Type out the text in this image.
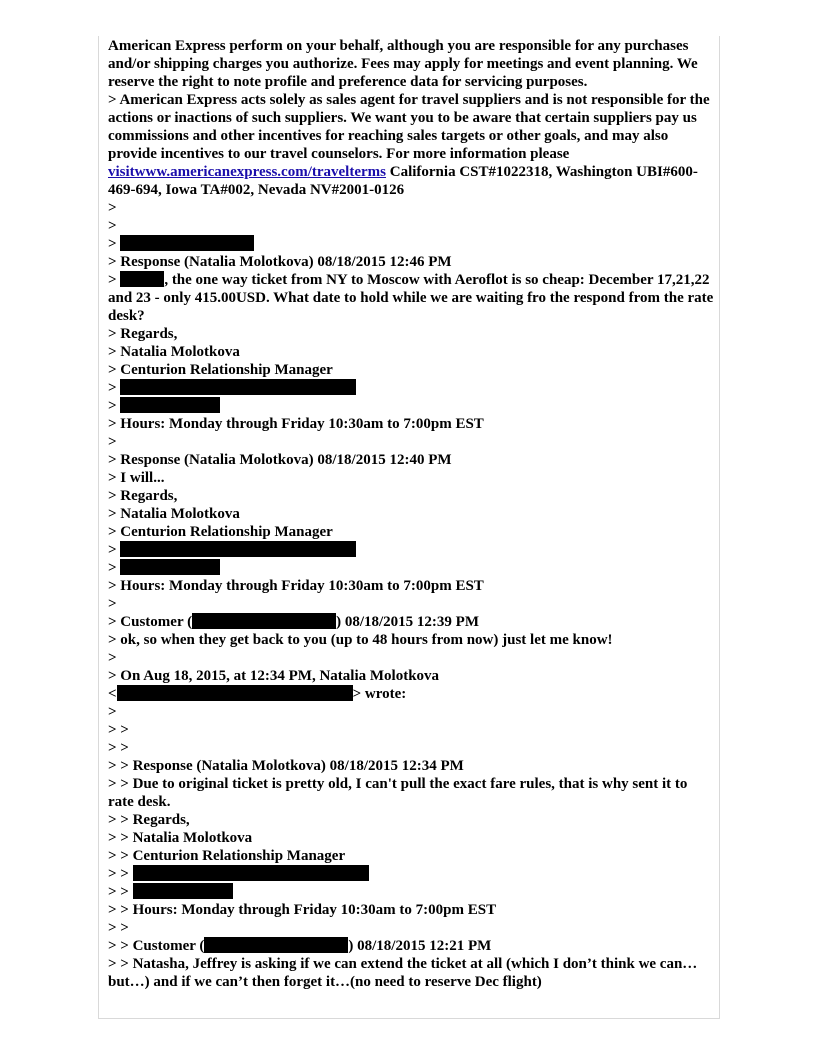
American Express perform on your behalf, although you are responsible for any purchases and/or shipping charges you authorize. Fees may apply for meetings and event planning. We reserve the right to note profile and preference data for servicing purposes.

> American Express acts solely as sales agent for travel suppliers and is not responsible for the actions or inactions of such suppliers. We want you to be aware that certain suppliers pay us commissions and other incentives for reaching sales targets or other goals, and may also provide incentives to our travel counselors. For more information please visitwww.americanexpress.com/travelterms California CST#1022318, Washington UBI#600-469-694, Iowa TA#002, Nevada NV#2001-0126

>
>
>
> Response (Natalia Molotkova) 08/18/2015 12:46 PM

>	, the one way ticket from NY to Moscow with Aeroflot is so cheap: December 17,21,22 and 23 - only 415.00USD. What date to hold while we are waiting fro the respond from the rate desk?

> Regards,
> Natalia Molotkova
> Centurion Relationship Manager
>
>
> Hours: Monday through Friday 10:30am to 7:00pm EST
>
> Response (Natalia Molotkova) 08/18/2015 12:40 PM
> I will...
> Regards,
> Natalia Molotkova
> Centurion Relationship Manager
>
>
> Hours: Monday through Friday 10:30am to 7:00pm EST
>
> Customer (	) 08/18/2015 12:39 PM
> ok, so when they get back to you (up to 48 hours from now) just let me know!
>
> On Aug 18, 2015, at 12:34 PM, Natalia Molotkova
<	> wrote:
>
> >
> >
> > Response (Natalia Molotkova) 08/18/2015 12:34 PM

> > Due to original ticket is pretty old, I can't pull the exact fare rules, that is why sent it to rate desk.

> > Regards,
> > Natalia Molotkova
> > Centurion Relationship Manager
> >
> >
> > Hours: Monday through Friday 10:30am to 7:00pm EST
> >
> > Customer (	) 08/18/2015 12:21 PM

> > Natasha, Jeffrey is asking if we can extend the ticket at all (which I don’t think we can…but…) and if we can’t then forget it…(no need to reserve Dec flight)
